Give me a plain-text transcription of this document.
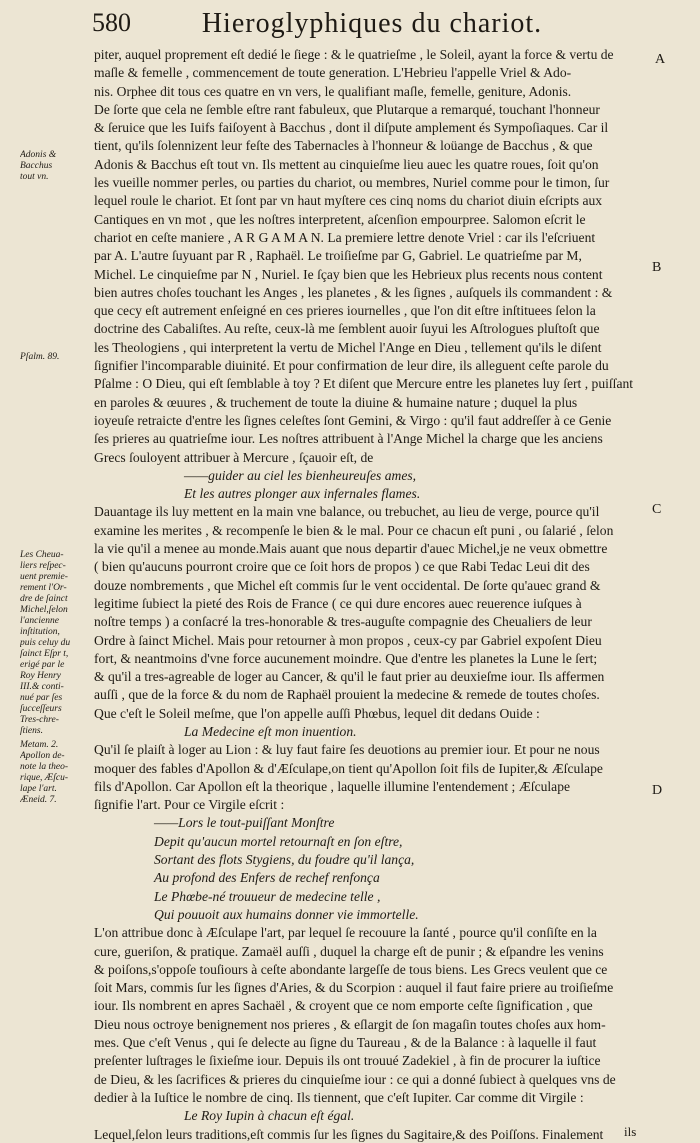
580	Hieroglyphiques du chariot.
A
B
C
D
Adonis &
Bacchus
tout vn.
Pſalm. 89.
Les Cheua-
liers reſpec-
uent premie-
rement l'Or-
dre de ſainct
Michel,ſelon
l'ancienne
inſtitution,
puis celuy du
ſainct Eſpr t,
erigé par le
Roy Henry
III.& conti-
nué par ſes
ſucceſſeurs
Tres-chre-
ſtiens.
Metam. 2.
Apollon de-
note la theo-
rique, Æſcu-
lape l'art.
Æneid. 7.
piter, auquel proprement eſt dedié le ſiege : & le quatrieſme , le Soleil, ayant la force & vertu de
maſle & femelle , commencement de toute generation. L'Hebrieu l'appelle Vriel & Ado-
nis. Orphee dit tous ces quatre en vn vers, le qualifiant maſle, femelle, geniture, Adonis.
De ſorte que cela ne ſemble eſtre rant fabuleux, que Plutarque a remarqué, touchant l'honneur
& ſeruice que les Iuifs faiſoyent à Bacchus , dont il diſpute amplement és Sympoſiaques. Car il
tient, qu'ils ſolennizent leur feſte des Tabernacles à l'honneur & loüange de Bacchus , & que
Adonis & Bacchus eſt tout vn. Ils mettent au cinquieſme lieu auec les quatre roues, ſoit qu'on
les vueille nommer perles, ou parties du chariot, ou membres, Nuriel comme pour le timon, ſur
lequel roule le chariot. Et ſont par vn haut myſtere ces cinq noms du chariot diuin eſcripts aux
Cantiques en vn mot , que les noſtres interpretent, aſcenſion empourpree. Salomon eſcrit le
chariot en ceſte maniere , A R G A M A N. La premiere lettre denote Vriel : car ils l'eſcriuent
par A. L'autre ſuyuant par R , Raphaël. Le troiſieſme par G, Gabriel. Le quatrieſme par M,
Michel. Le cinquieſme par N , Nuriel. Ie ſçay bien que les Hebrieux plus recents nous content
bien autres choſes touchant les Anges , les planetes , & les ſignes , auſquels ils commandent : &
que cecy eſt autrement enſeigné en ces prieres iournelles , que l'on dit eſtre inſtituees ſelon la
doctrine des Cabaliſtes. Au reſte, ceux-là me ſemblent auoir ſuyui les Aſtrologues pluſtoſt que
les Theologiens , qui interpretent la vertu de Michel l'Ange en Dieu , tellement qu'ils le diſent
ſignifier l'incomparable diuinité. Et pour confirmation de leur dire, ils alleguent ceſte parole du
Pſalme : O Dieu, qui eſt ſemblable à toy ? Et diſent que Mercure entre les planetes luy ſert , puiſſant
en paroles & œuures , & truchement de toute la diuine & humaine nature ; duquel la plus
ioyeuſe retraicte d'entre les ſignes celeſtes ſont Gemini, & Virgo : qu'il faut addreſſer à ce Genie
ſes prieres au quatrieſme iour. Les noſtres attribuent à l'Ange Michel la charge que les anciens
Grecs ſouloyent attribuer à Mercure , ſçauoir eſt, de
——guider au ciel les bienheureuſes ames,
Et les autres plonger aux infernales flames.
Dauantage ils luy mettent en la main vne balance, ou trebuchet, au lieu de verge, pource qu'il
examine les merites , & recompenſe le bien & le mal. Pour ce chacun eſt puni , ou ſalarié , ſelon
la vie qu'il a menee au monde.Mais auant que nous departir d'auec Michel,je ne veux obmettre
( bien qu'aucuns pourront croire que ce ſoit hors de propos ) ce que Rabi Tedac Leui dit des
douze nombrements , que Michel eſt commis ſur le vent occidental. De ſorte qu'auec grand &
legitime ſubiect la pieté des Rois de France ( ce qui dure encores auec reuerence iuſques à
noſtre temps ) a conſacré la tres-honorable & tres-auguſte compagnie des Cheualiers de leur
Ordre à ſainct Michel. Mais pour retourner à mon propos , ceux-cy par Gabriel expoſent Dieu
fort, & neantmoins d'vne force aucunement moindre. Que d'entre les planetes la Lune le ſert;
& qu'il a tres-agreable de loger au Cancer, & qu'il le faut prier au deuxieſme iour. Ils affermen
auſſi , que de la force & du nom de Raphaël prouient la medecine & remede de toutes choſes.
Que c'eſt le Soleil meſme, que l'on appelle auſſi Phœbus, lequel dit dedans Ouide :
La Medecine eſt mon inuention.
Qu'il ſe plaiſt à loger au Lion : & luy faut faire ſes deuotions au premier iour. Et pour ne nous
moquer des fables d'Apollon & d'Æſculape,on tient qu'Apollon ſoit fils de Iupiter,& Æſculape
fils d'Apollon. Car Apollon eſt la theorique , laquelle illumine l'entendement ; Æſculape
ſignifie l'art. Pour ce Virgile eſcrit :
——Lors le tout-puiſſant Monſtre
Depit qu'aucun mortel retournaſt en ſon eſtre,
Sortant des flots Stygiens, du foudre qu'il lança,
Au profond des Enfers de rechef renfonça
Le Phœbe-né trouueur de medecine telle ,
Qui pouuoit aux humains donner vie immortelle.
L'on attribue donc à Æſculape l'art, par lequel ſe recouure la ſanté , pource qu'il conſiſte en la
cure, gueriſon, & pratique. Zamaël auſſi , duquel la charge eſt de punir ; & eſpandre les venins
& poiſons,s'oppoſe touſiours à ceſte abondante largeſſe de tous biens. Les Grecs veulent que ce
ſoit Mars, commis ſur les ſignes d'Aries, & du Scorpion : auquel il faut faire priere au troiſieſme
iour. Ils nombrent en apres Sachaël , & croyent que ce nom emporte ceſte ſignification , que
Dieu nous octroye benignement nos prieres , & eſlargit de ſon magaſin toutes choſes aux hom-
mes. Que c'eſt Venus , qui ſe delecte au ſigne du Taureau , & de la Balance : à laquelle il faut
preſenter luſtrages le ſixieſme iour. Depuis ils ont trouué Zadekiel , à fin de procurer la iuſtice
de Dieu, & les ſacrifices & prieres du cinquieſme iour : ce qui a donné ſubiect à quelques vns de
dedier à la Iuſtice le nombre de cinq. Ils tiennent, que c'eſt Iupiter. Car comme dit Virgile :
Le Roy Iupin à chacun eſt égal.
Lequel,ſelon leurs traditions,eſt commis ſur les ſignes du Sagitaire,& des Poiſſons. Finalement	ils
